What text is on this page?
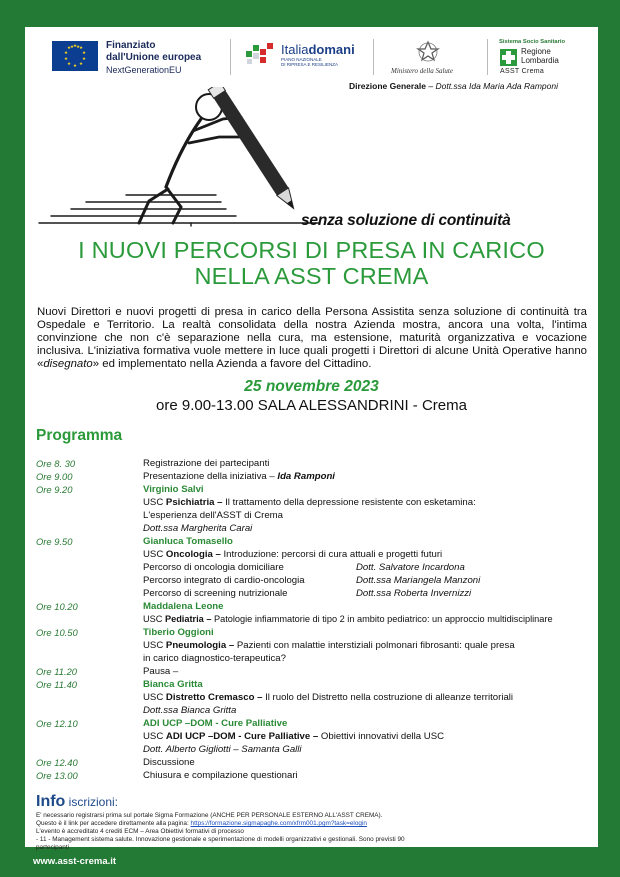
★ ★
★
★
★
★
★
★
★
★ ★
★	Finanziato
dall'Unione europea
NextGenerationEU
Italiadomani
PIANO NAZIONALE
DI RIPRESA E RESILIENZA
Ministero della Salute
Sistema Socio Sanitario
Regione
Lombardia
ASST Crema
Direzione Generale – Dott.ssa Ida Maria Ada Ramponi
senza soluzione di continuità
I NUOVI PERCORSI DI PRESA IN CARICO
NELLA ASST CREMA
Nuovi Direttori e nuovi progetti di presa in carico della Persona Assistita senza soluzione di continuità tra Ospedale e Territorio. La realtà consolidata della nostra Azienda mostra, ancora una volta, l'intima convinzione che non c'è separazione nella cura, ma estensione, maturità organizzativa e vocazione inclusiva. L'iniziativa formativa vuole mettere in luce quali progetti i Direttori di alcune Unità Operative hanno «disegnato» ed implementato nella Azienda a favore del Cittadino.
25 novembre 2023
ore 9.00-13.00 SALA ALESSANDRINI - Crema
Programma
Ore 8. 30	Registrazione dei partecipanti
Ore 9.00	Presentazione della iniziativa – Ida Ramponi
Ore 9.20	Virginio Salvi
USC Psichiatria – Il trattamento della depressione resistente con esketamina:
L'esperienza dell'ASST di Crema
Dott.ssa Margherita Carai
Ore 9.50	Gianluca Tomasello
USC Oncologia – Introduzione: percorsi di cura attuali e progetti futuri
Percorso di oncologia domiciliare	Dott. Salvatore Incardona
Percorso integrato di cardio-oncologia	Dott.ssa Mariangela Manzoni
Percorso di screening nutrizionale	Dott.ssa Roberta Invernizzi
Ore 10.20	Maddalena Leone
USC Pediatria – Patologie infiammatorie di tipo 2 in ambito pediatrico: un approccio multidisciplinare
Ore 10.50	Tiberio Oggioni
USC Pneumologia – Pazienti con malattie interstiziali polmonari fibrosanti: quale presa
in carico diagnostico-terapeutica?
Ore 11.20	Pausa –
Ore 11.40	Bianca Gritta
USC Distretto Cremasco – Il ruolo del Distretto nella costruzione di alleanze territoriali
Dott.ssa Bianca Gritta
Ore 12.10	ADI UCP –DOM - Cure Palliative
USC ADI UCP –DOM - Cure Palliative – Obiettivi innovativi della USC
Dott. Alberto Gigliotti – Samanta Galli
Ore 12.40	Discussione
Ore 13.00	Chiusura e compilazione questionari
Info iscrizioni:
E' necessario registrarsi prima sul portale Sigma Formazione (ANCHE PER PERSONALE ESTERNO ALL'ASST CREMA).
Questo è il link per accedere direttamente alla pagina: https://formazione.sigmapaghe.com/xfrm001.pgm?task=elogin
L'evento è accreditato 4 crediti ECM – Area Obiettivi formativi di processo
- 11 - Management sistema salute. Innovazione gestionale e sperimentazione di modelli organizzativi e gestionali. Sono previsti 90
partecipanti
www.asst-crema.it
